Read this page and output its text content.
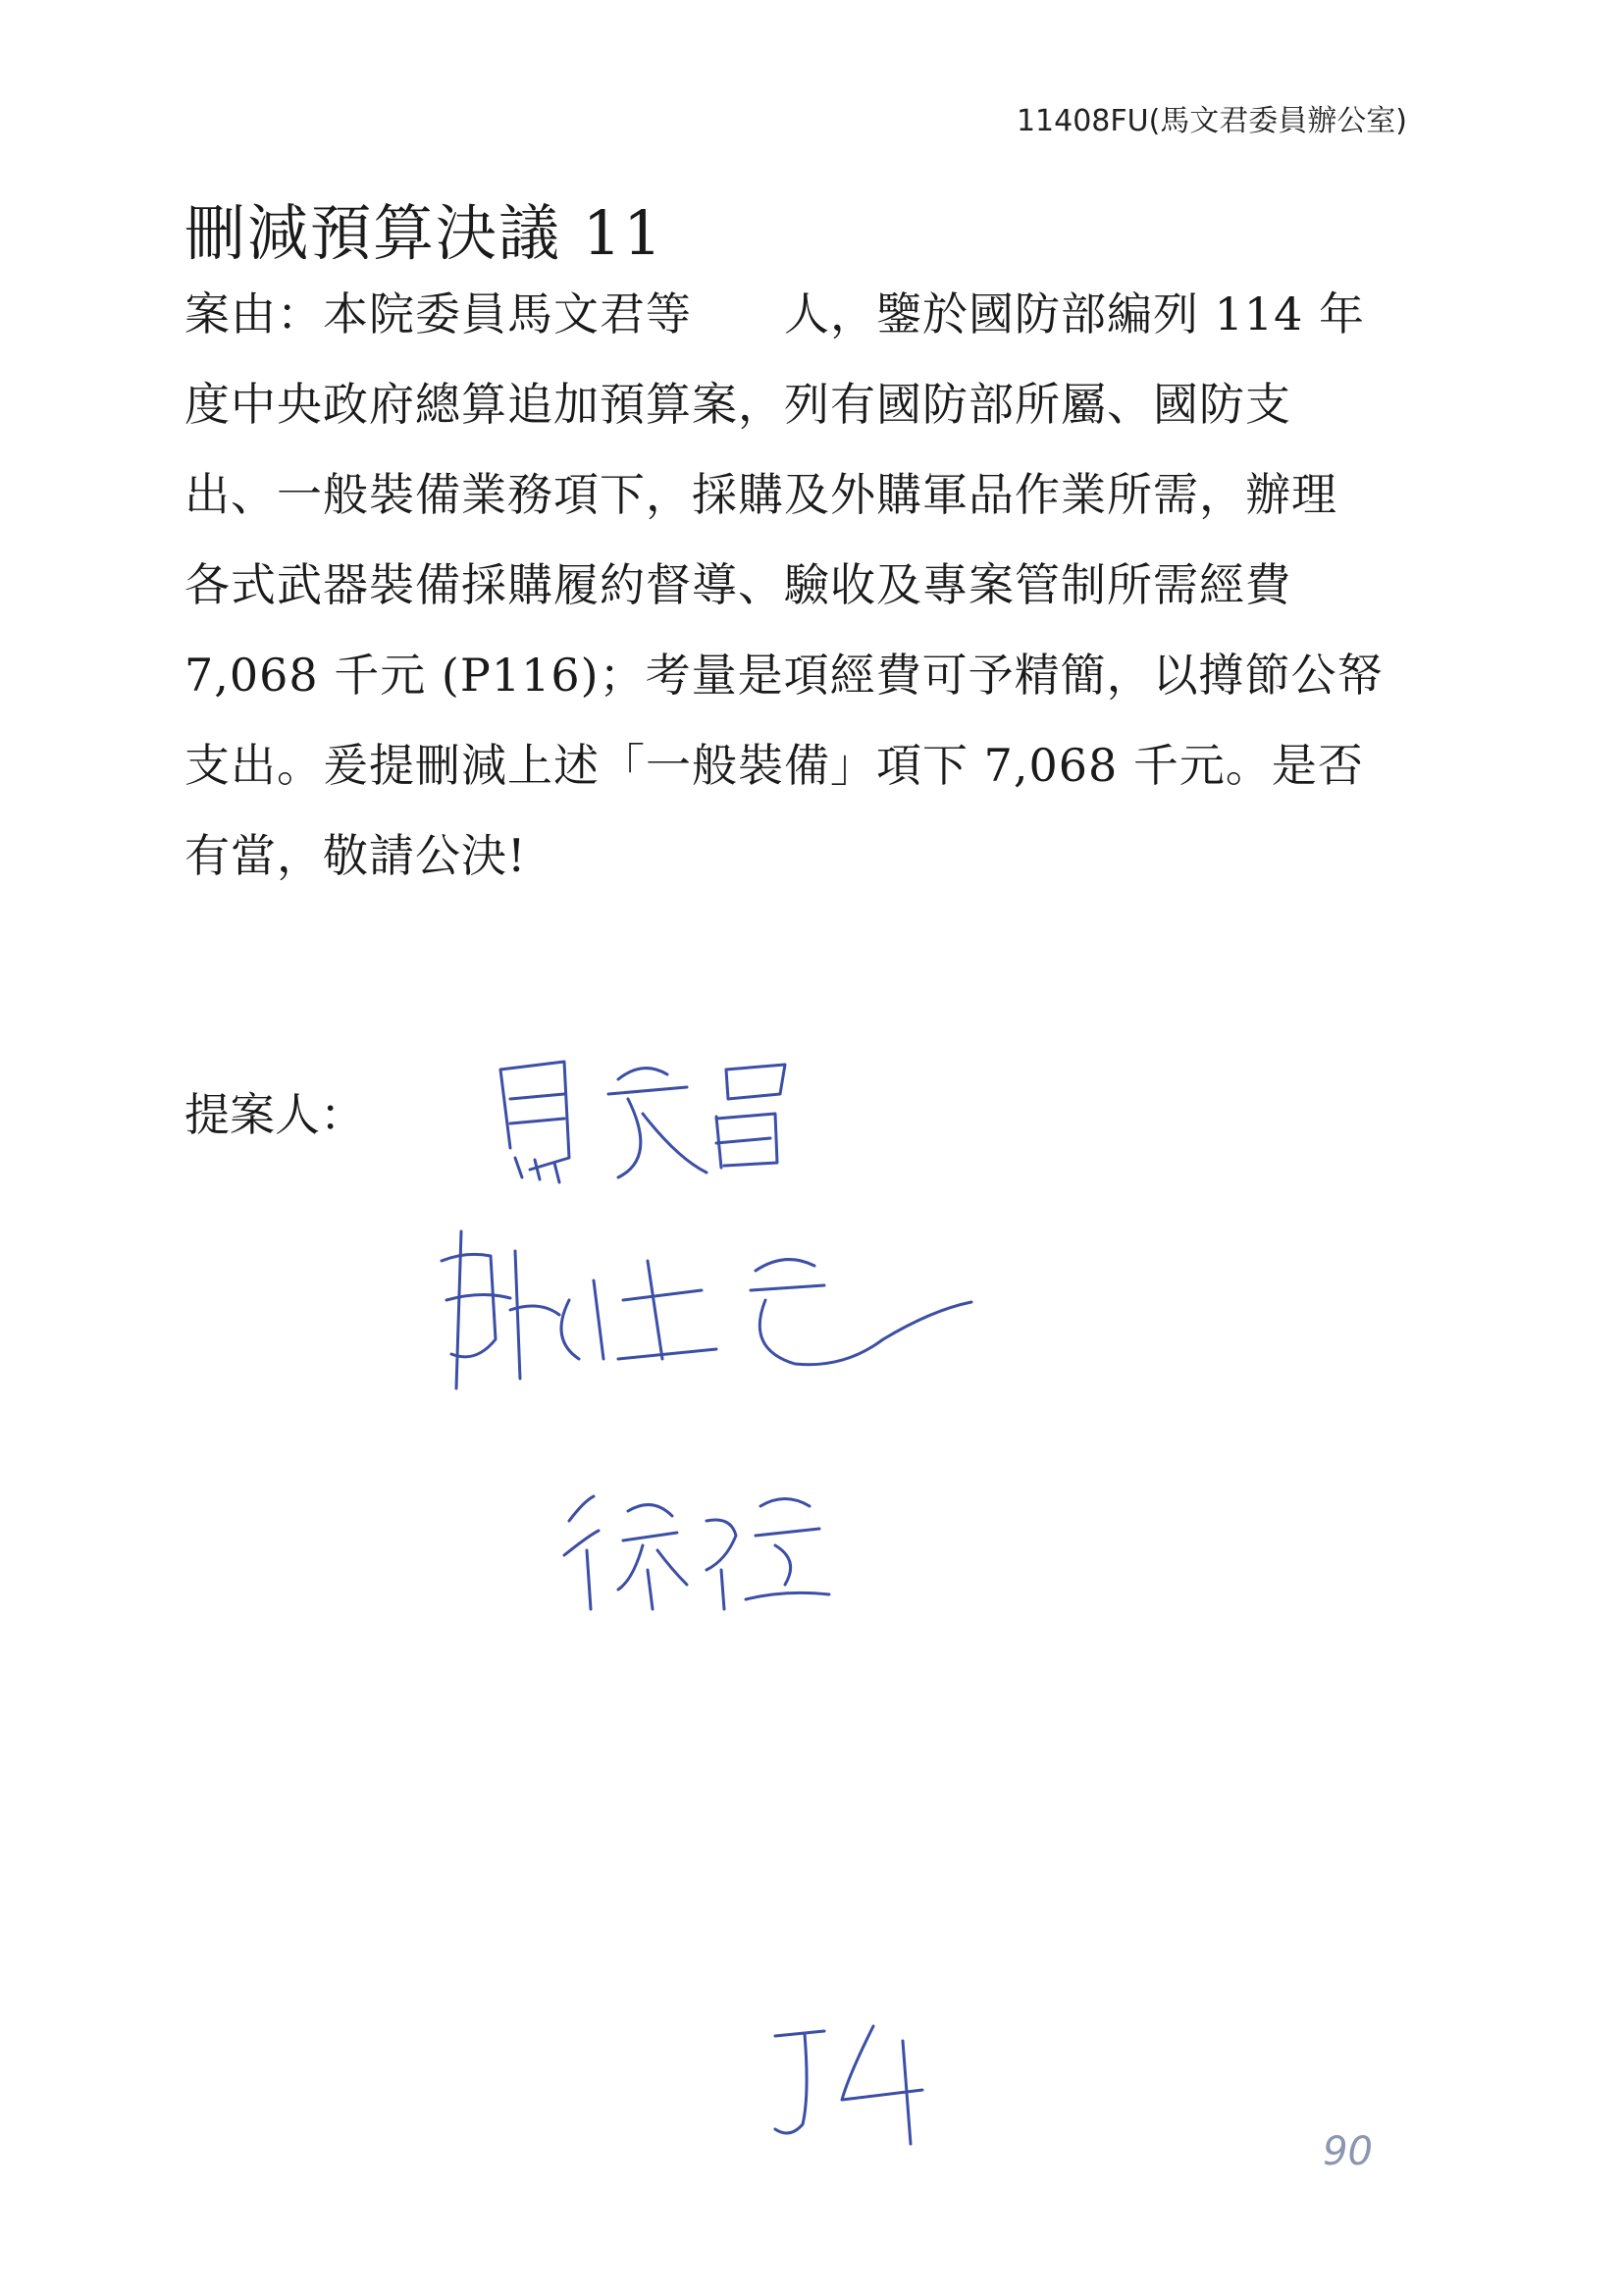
11408FU(馬文君委員辦公室)
刪減預算決議 11
案由：本院委員馬文君等　　人，鑒於國防部編列 114 年
度中央政府總算追加預算案，列有國防部所屬、國防支
出、一般裝備業務項下，採購及外購軍品作業所需，辦理
各式武器裝備採購履約督導、驗收及專案管制所需經費
7,068 千元 (P116)；考量是項經費可予精簡，以撙節公帑
支出。爰提刪減上述「一般裝備」項下 7,068 千元。是否
有當，敬請公決!
提案人：
90
